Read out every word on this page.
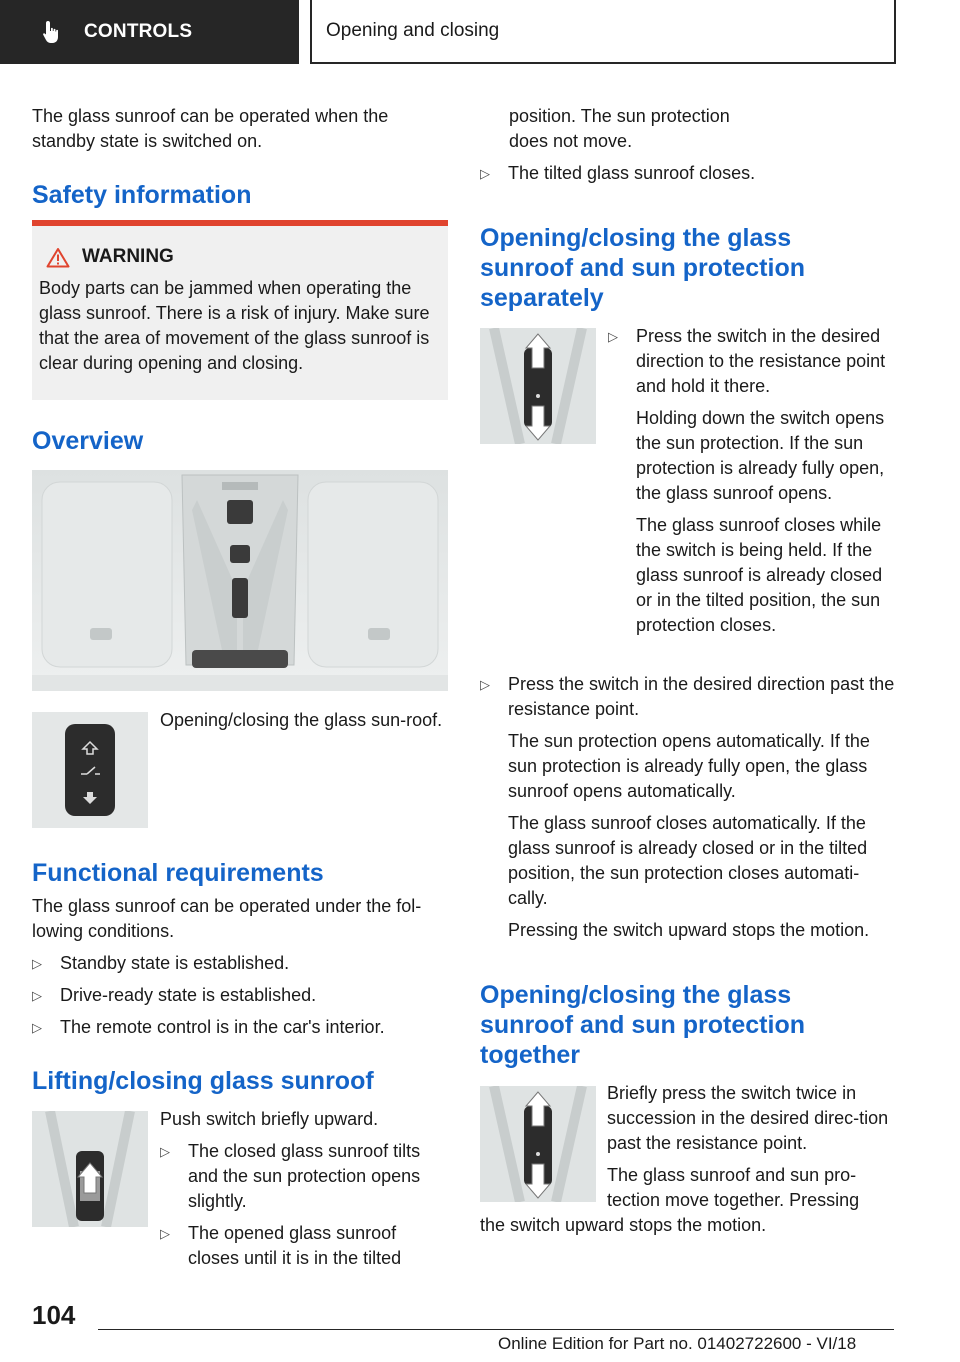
CONTROLS	Opening and closing

The glass sunroof can be operated when the standby state is switched on.

Safety information
WARNING
Body parts can be jammed when operating the glass sunroof. There is a risk of injury. Make sure that the area of movement of the glass sunroof is clear during opening and closing.
Overview

Opening/closing the glass sun-roof.

Functional requirements

The glass sunroof can be operated under the fol-lowing conditions.

▷	Standby state is established.
▷	Drive-ready state is established.
▷	The remote control is in the car's interior.
Lifting/closing glass sunroof

Push switch briefly upward.

▷	The closed glass sunroof tilts and the sun protection opens slightly.
▷	The opened glass sunroof closes until it is in the tilted

position. The sun protection does not move.

▷	The tilted glass sunroof closes.
Opening/closing the glass sunroof and sun protection separately
▷	Press the switch in the desired direction to the resistance point and hold it there.

Holding down the switch opens the sun protection. If the sun protection is already fully open, the glass sunroof opens.

The glass sunroof closes while the switch is being held. If the glass sunroof is already closed or in the tilted position, the sun protection closes.

▷	Press the switch in the desired direction past the resistance point.

The sun protection opens automatically. If the sun protection is already fully open, the glass sunroof opens automatically.

The glass sunroof closes automatically. If the glass sunroof is already closed or in the tilted position, the sun protection closes automati-cally.

Pressing the switch upward stops the motion.

Opening/closing the glass sunroof and sun protection together

Briefly press the switch twice in succession in the desired direc-tion past the resistance point.

The glass sunroof and sun pro-tection move together. Pressing

104
Online Edition for Part no. 01402722600 - VI/18
the switch upward stops the motion.
